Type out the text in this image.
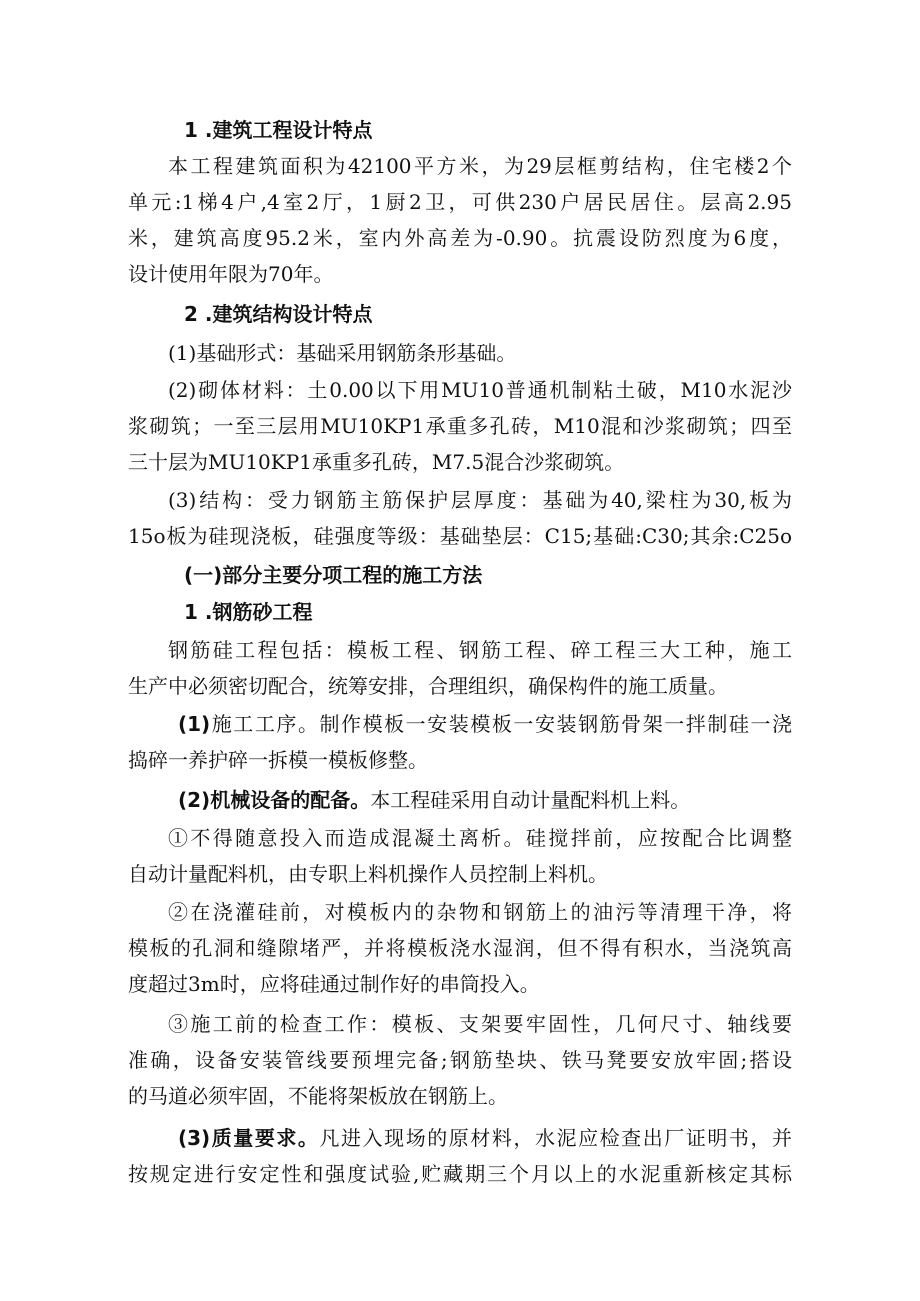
1 .建筑工程设计特点
本工程建筑面积为42100平方米，为29层框剪结构，住宅楼2个
单元:1梯4户,4室2厅，1厨2卫，可供230户居民居住。层高2.95
米，建筑高度95.2米，室内外高差为-0.90。抗震设防烈度为6度，
设计使用年限为70年。
2 .建筑结构设计特点
(1)基础形式：基础采用钢筋条形基础。
(2)砌体材料：土0.00以下用MU10普通机制粘土破，M10水泥沙
浆砌筑；一至三层用MU10KP1承重多孔砖，M10混和沙浆砌筑；四至
三十层为MU10KP1承重多孔砖，M7.5混合沙浆砌筑。
(3)结构：受力钢筋主筋保护层厚度：基础为40,梁柱为30,板为
15o板为硅现浇板，硅强度等级：基础垫层：C15;基础:C30;其余:C25o
(一)部分主要分项工程的施工方法
1 .钢筋砂工程
钢筋硅工程包括：模板工程、钢筋工程、碎工程三大工种，施工
生产中必须密切配合，统筹安排，合理组织，确保构件的施工质量。
(1)施工工序。制作模板一安装模板一安装钢筋骨架一拌制硅一浇
捣碎一养护碎一拆模一模板修整。
(2)机械设备的配备。本工程硅采用自动计量配料机上料。
①不得随意投入而造成混凝土离析。硅搅拌前，应按配合比调整
自动计量配料机，由专职上料机操作人员控制上料机。
②在浇灌硅前，对模板内的杂物和钢筋上的油污等清理干净，将
模板的孔洞和缝隙堵严，并将模板浇水湿润，但不得有积水，当浇筑高
度超过3m时，应将硅通过制作好的串筒投入。
③施工前的检查工作：模板、支架要牢固性，几何尺寸、轴线要
准确，设备安装管线要预埋完备;钢筋垫块、铁马凳要安放牢固;搭设
的马道必须牢固，不能将架板放在钢筋上。
(3)质量要求。凡进入现场的原材料，水泥应检查出厂证明书，并
按规定进行安定性和强度试验,贮藏期三个月以上的水泥重新核定其标
